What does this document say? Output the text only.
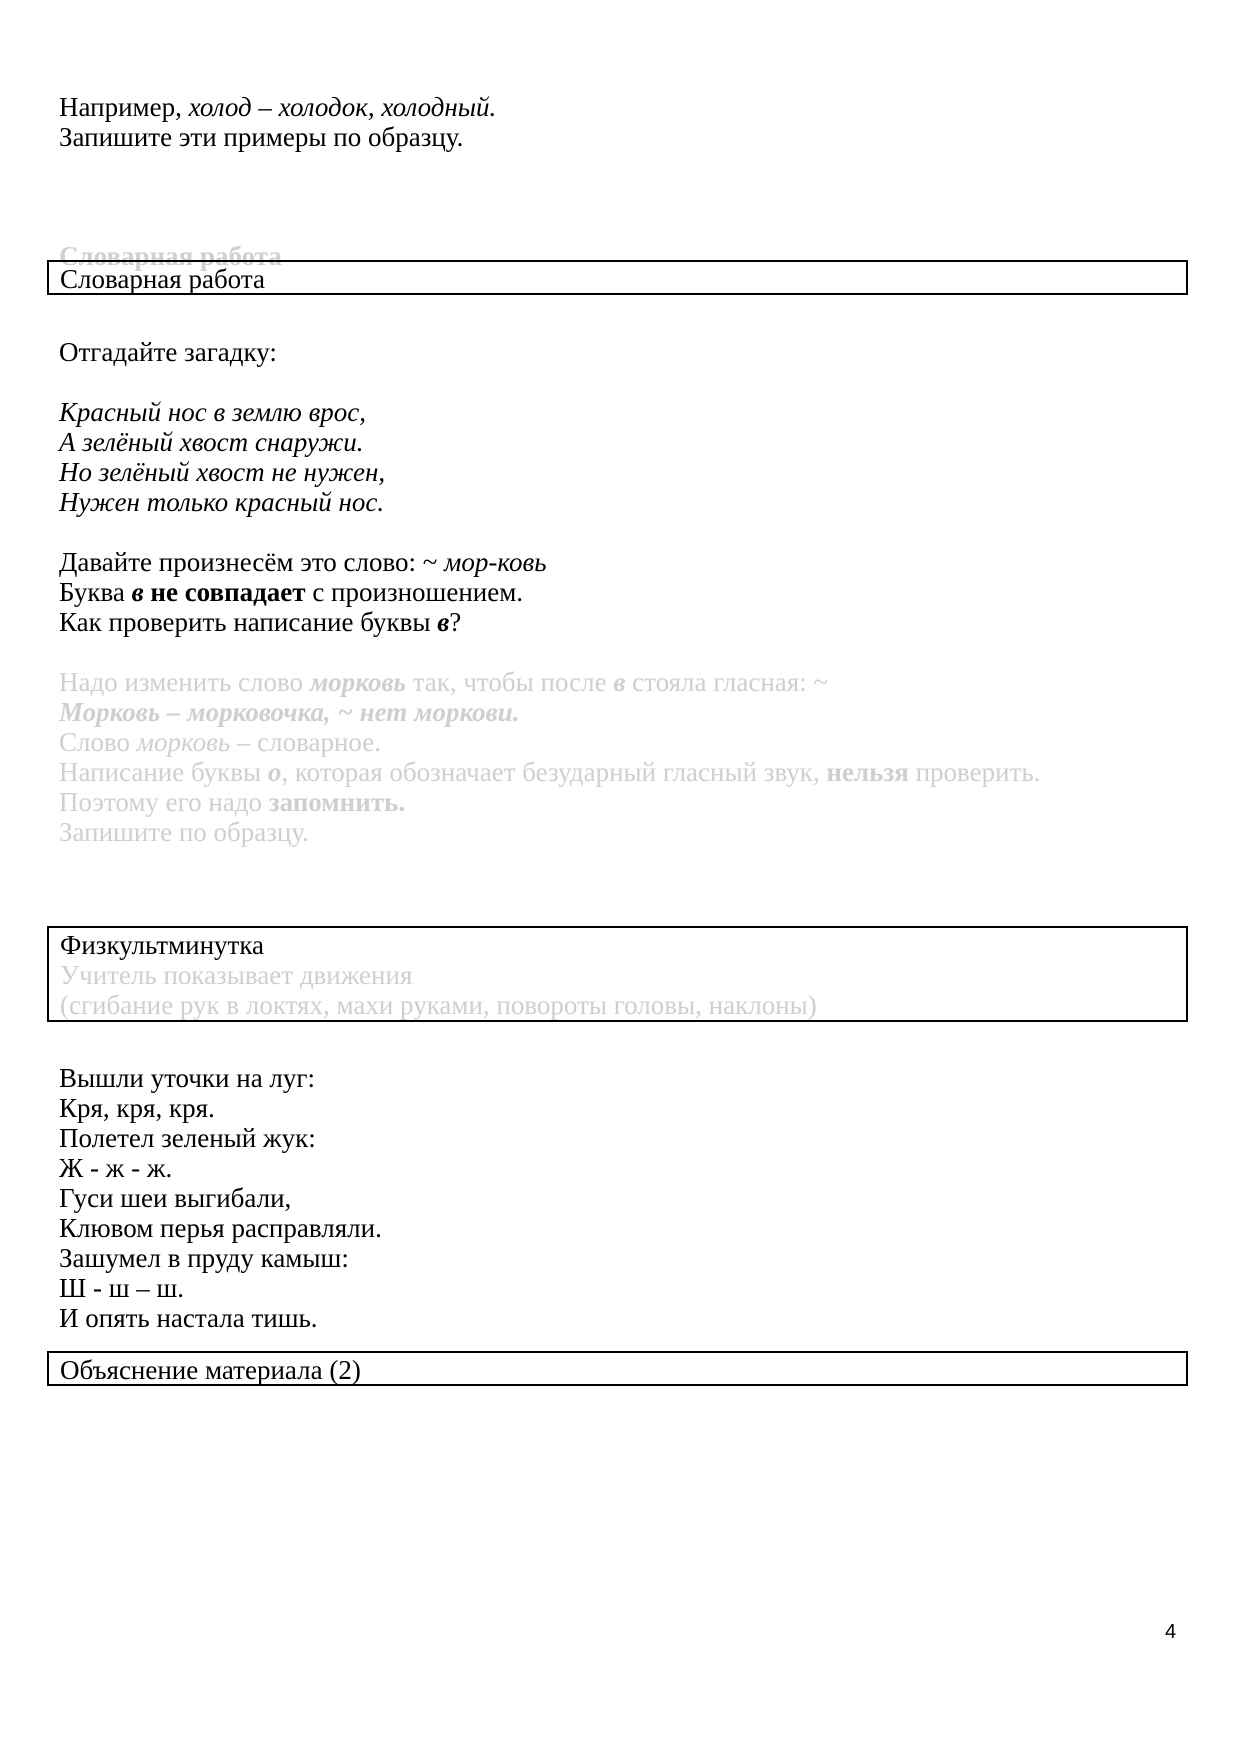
Например, холод – холодок, холодный.
Запишите эти примеры по образцу.
Словарная работа
Словарная работа
Отгадайте загадку:
Красный нос в землю врос,
А зелёный хвост снаружи.
Но зелёный хвост не нужен,
Нужен только красный нос.
Давайте произнесём это слово: ~ мор-ковь
Буква в не совпадает с произношением.
Как проверить написание буквы в?
Надо изменить слово морковь так, чтобы после в стояла гласная: ~
Морковь – морковочка, ~ нет моркови.
Слово морковь – словарное.
Написание буквы о, которая обозначает безударный гласный звук, нельзя проверить.
Поэтому его надо запомнить.
Запишите по образцу.
Физкультминутка
Учитель показывает движения
(сгибание рук в локтях, махи руками, повороты головы, наклоны)
Вышли уточки на луг:
Кря, кря, кря.
Полетел зеленый жук:
Ж - ж - ж.
Гуси шеи выгибали,
Клювом перья расправляли.
Зашумел в пруду камыш:
Ш - ш – ш.
И опять настала тишь.
Объяснение материала (2)
4
